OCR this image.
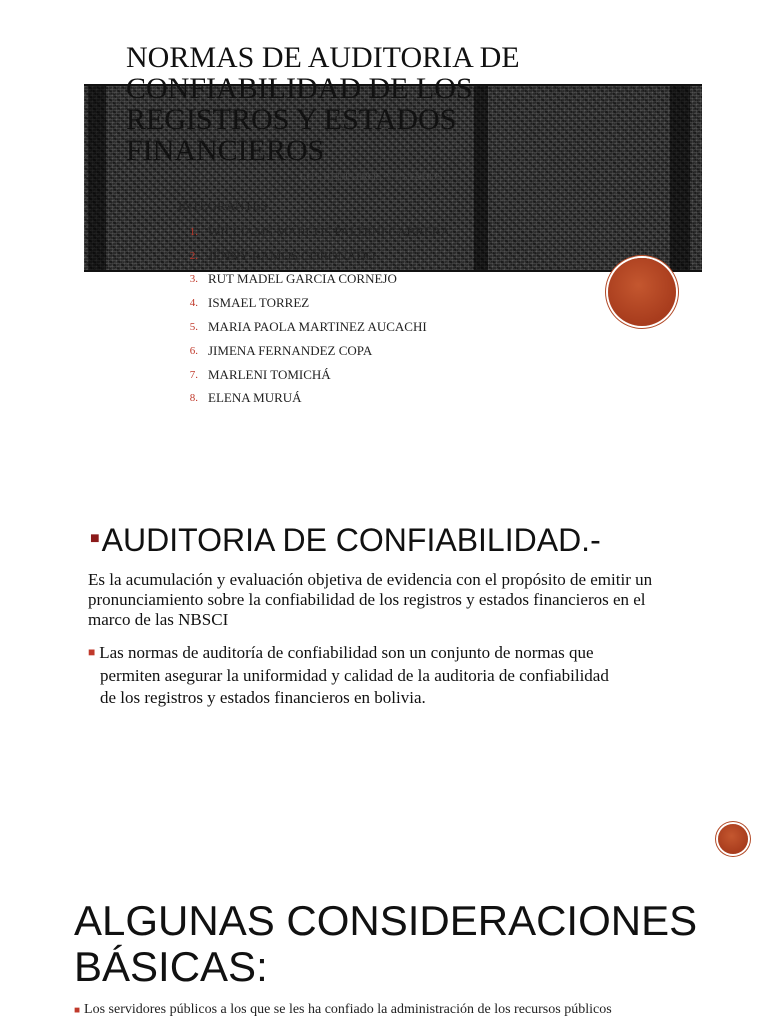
NORMAS DE AUDITORIA DE CONFIABILIDAD DE LOS REGISTROS Y ESTADOS FINANCIEROS
LOS REGISTROS Y ESTADOS
INTEGRANTES
1. WILLIAMS MARCOS PALDINI CABRERA
2. JENNY RAMOS CORONADO
3. RUT MADEL GARCIA CORNEJO
4. ISMAEL TORREZ
5. MARIA PAOLA MARTINEZ AUCACHI
6. JIMENA FERNANDEZ COPA
7. MARLENI TOMICHÁ
8. ELENA MURUÁ
■AUDITORIA DE CONFIABILIDAD.-

Es la acumulación y evaluación objetiva de evidencia con el propósito de emitir un pronunciamiento sobre la confiabilidad de los registros y estados financieros en el marco de las NBSCI

■ Las normas de auditoría de confiabilidad son un conjunto de normas que
permiten asegurar la uniformidad y calidad de la auditoria de confiabilidad
de los registros y estados financieros en bolivia.
ALGUNAS CONSIDERACIONES BÁSICAS:
■ Los servidores públicos a los que se les ha confiado la administración de los recursos públicos
